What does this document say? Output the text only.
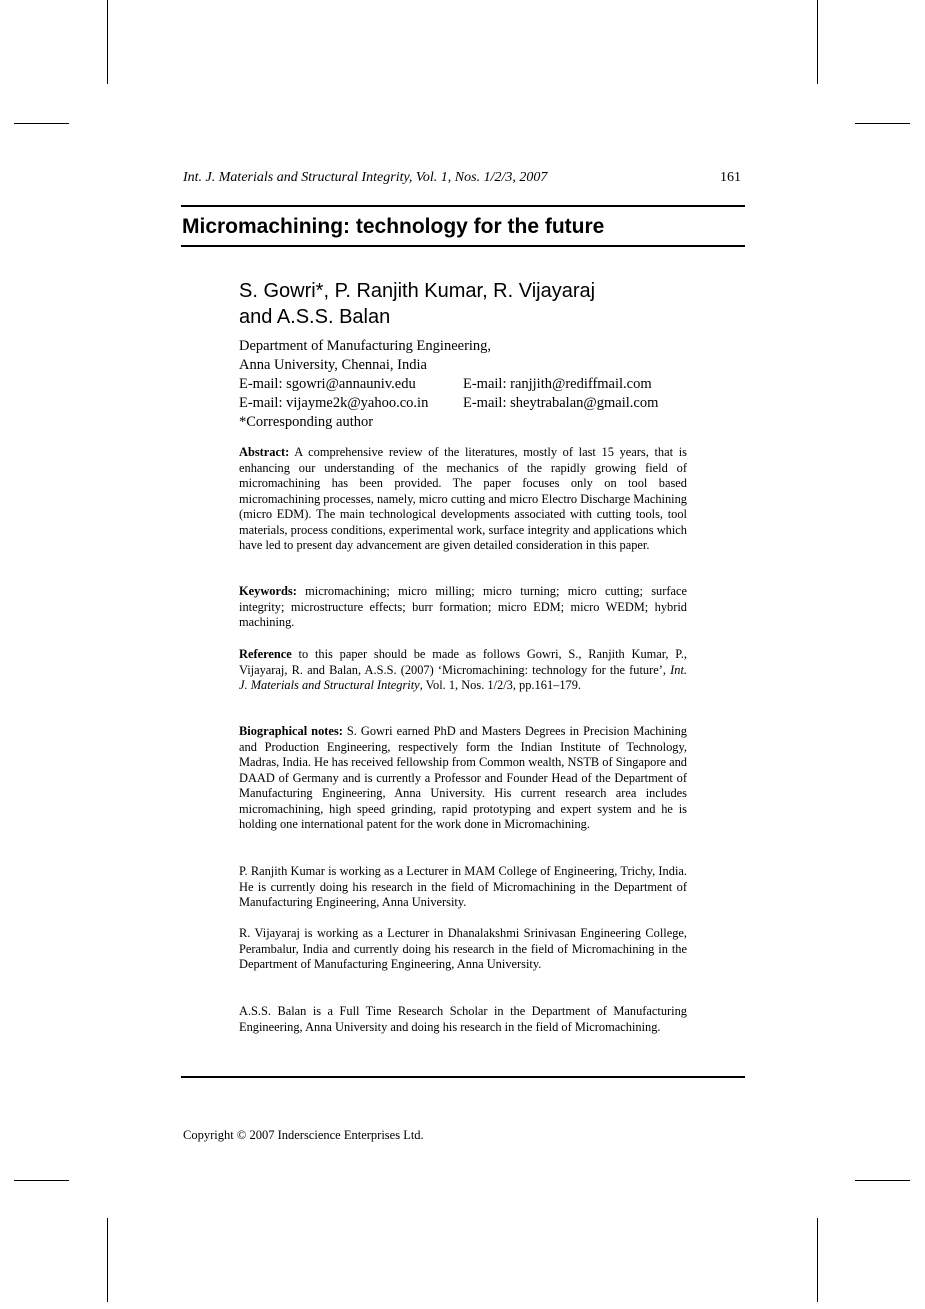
Int. J. Materials and Structural Integrity, Vol. 1, Nos. 1/2/3, 2007	161
Micromachining: technology for the future
S. Gowri*, P. Ranjith Kumar, R. Vijayaraj
and A.S.S. Balan
Department of Manufacturing Engineering,
Anna University, Chennai, India
E-mail: sgowri@annauniv.edu	E-mail: ranjjith@rediffmail.com
E-mail: vijayme2k@yahoo.co.in	E-mail: sheytrabalan@gmail.com
*Corresponding author
Abstract: A comprehensive review of the literatures, mostly of last 15 years, that is enhancing our understanding of the mechanics of the rapidly growing field of micromachining has been provided. The paper focuses only on tool based micromachining processes, namely, micro cutting and micro Electro Discharge Machining (micro EDM). The main technological developments associated with cutting tools, tool materials, process conditions, experimental work, surface integrity and applications which have led to present day advancement are given detailed consideration in this paper.
Keywords: micromachining; micro milling; micro turning; micro cutting; surface integrity; microstructure effects; burr formation; micro EDM; micro WEDM; hybrid machining.
Reference to this paper should be made as follows Gowri, S., Ranjith Kumar, P., Vijayaraj, R. and Balan, A.S.S. (2007) ‘Micromachining: technology for the future’, Int. J. Materials and Structural Integrity, Vol. 1, Nos. 1/2/3, pp.161–179.
Biographical notes: S. Gowri earned PhD and Masters Degrees in Precision Machining and Production Engineering, respectively form the Indian Institute of Technology, Madras, India. He has received fellowship from Common wealth, NSTB of Singapore and DAAD of Germany and is currently a Professor and Founder Head of the Department of Manufacturing Engineering, Anna University. His current research area includes micromachining, high speed grinding, rapid prototyping and expert system and he is holding one international patent for the work done in Micromachining.
P. Ranjith Kumar is working as a Lecturer in MAM College of Engineering, Trichy, India. He is currently doing his research in the field of Micromachining in the Department of Manufacturing Engineering, Anna University.
R. Vijayaraj is working as a Lecturer in Dhanalakshmi Srinivasan Engineering College, Perambalur, India and currently doing his research in the field of Micromachining in the Department of Manufacturing Engineering, Anna University.
A.S.S. Balan is a Full Time Research Scholar in the Department of Manufacturing Engineering, Anna University and doing his research in the field of Micromachining.
Copyright © 2007 Inderscience Enterprises Ltd.
